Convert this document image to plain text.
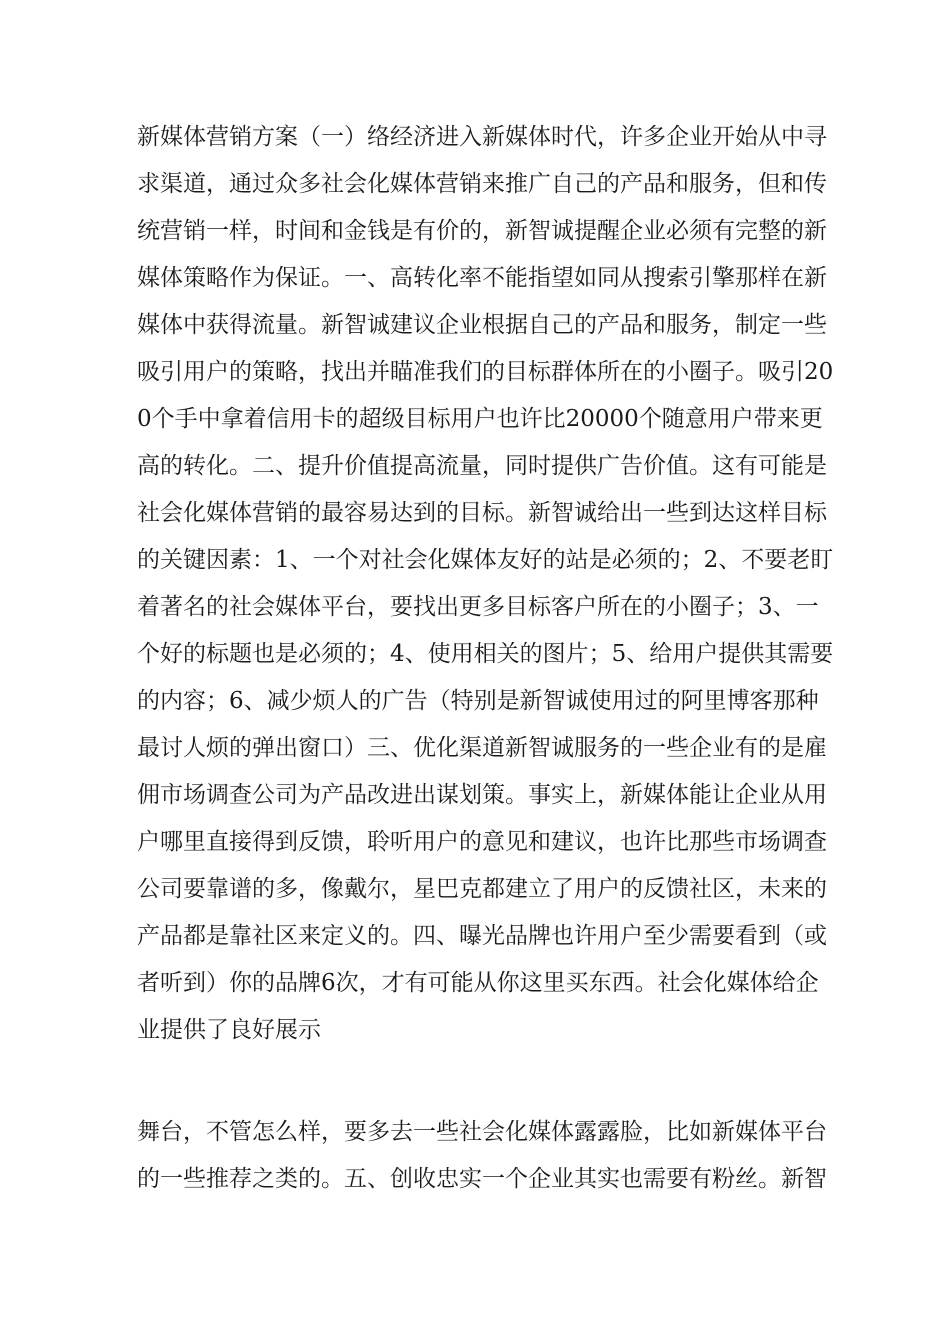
新媒体营销方案（一）络经济进入新媒体时代，许多企业开始从中寻
求渠道，通过众多社会化媒体营销来推广自己的产品和服务，但和传
统营销一样，时间和金钱是有价的，新智诚提醒企业必须有完整的新
媒体策略作为保证。一、高转化率不能指望如同从搜索引擎那样在新
媒体中获得流量。新智诚建议企业根据自己的产品和服务，制定一些
吸引用户的策略，找出并瞄准我们的目标群体所在的小圈子。吸引20
0个手中拿着信用卡的超级目标用户也许比20000个随意用户带来更
高的转化。二、提升价值提高流量，同时提供广告价值。这有可能是
社会化媒体营销的最容易达到的目标。新智诚给出一些到达这样目标
的关键因素：1、一个对社会化媒体友好的站是必须的；2、不要老盯
着著名的社会媒体平台，要找出更多目标客户所在的小圈子；3、一
个好的标题也是必须的；4、使用相关的图片；5、给用户提供其需要
的内容；6、减少烦人的广告（特别是新智诚使用过的阿里博客那种
最讨人烦的弹出窗口）三、优化渠道新智诚服务的一些企业有的是雇
佣市场调查公司为产品改进出谋划策。事实上，新媒体能让企业从用
户哪里直接得到反馈，聆听用户的意见和建议，也许比那些市场调查
公司要靠谱的多，像戴尔，星巴克都建立了用户的反馈社区，未来的
产品都是靠社区来定义的。四、曝光品牌也许用户至少需要看到（或
者听到）你的品牌6次，才有可能从你这里买东西。社会化媒体给企
业提供了良好展示
舞台，不管怎么样，要多去一些社会化媒体露露脸，比如新媒体平台
的一些推荐之类的。五、创收忠实一个企业其实也需要有粉丝。新智
